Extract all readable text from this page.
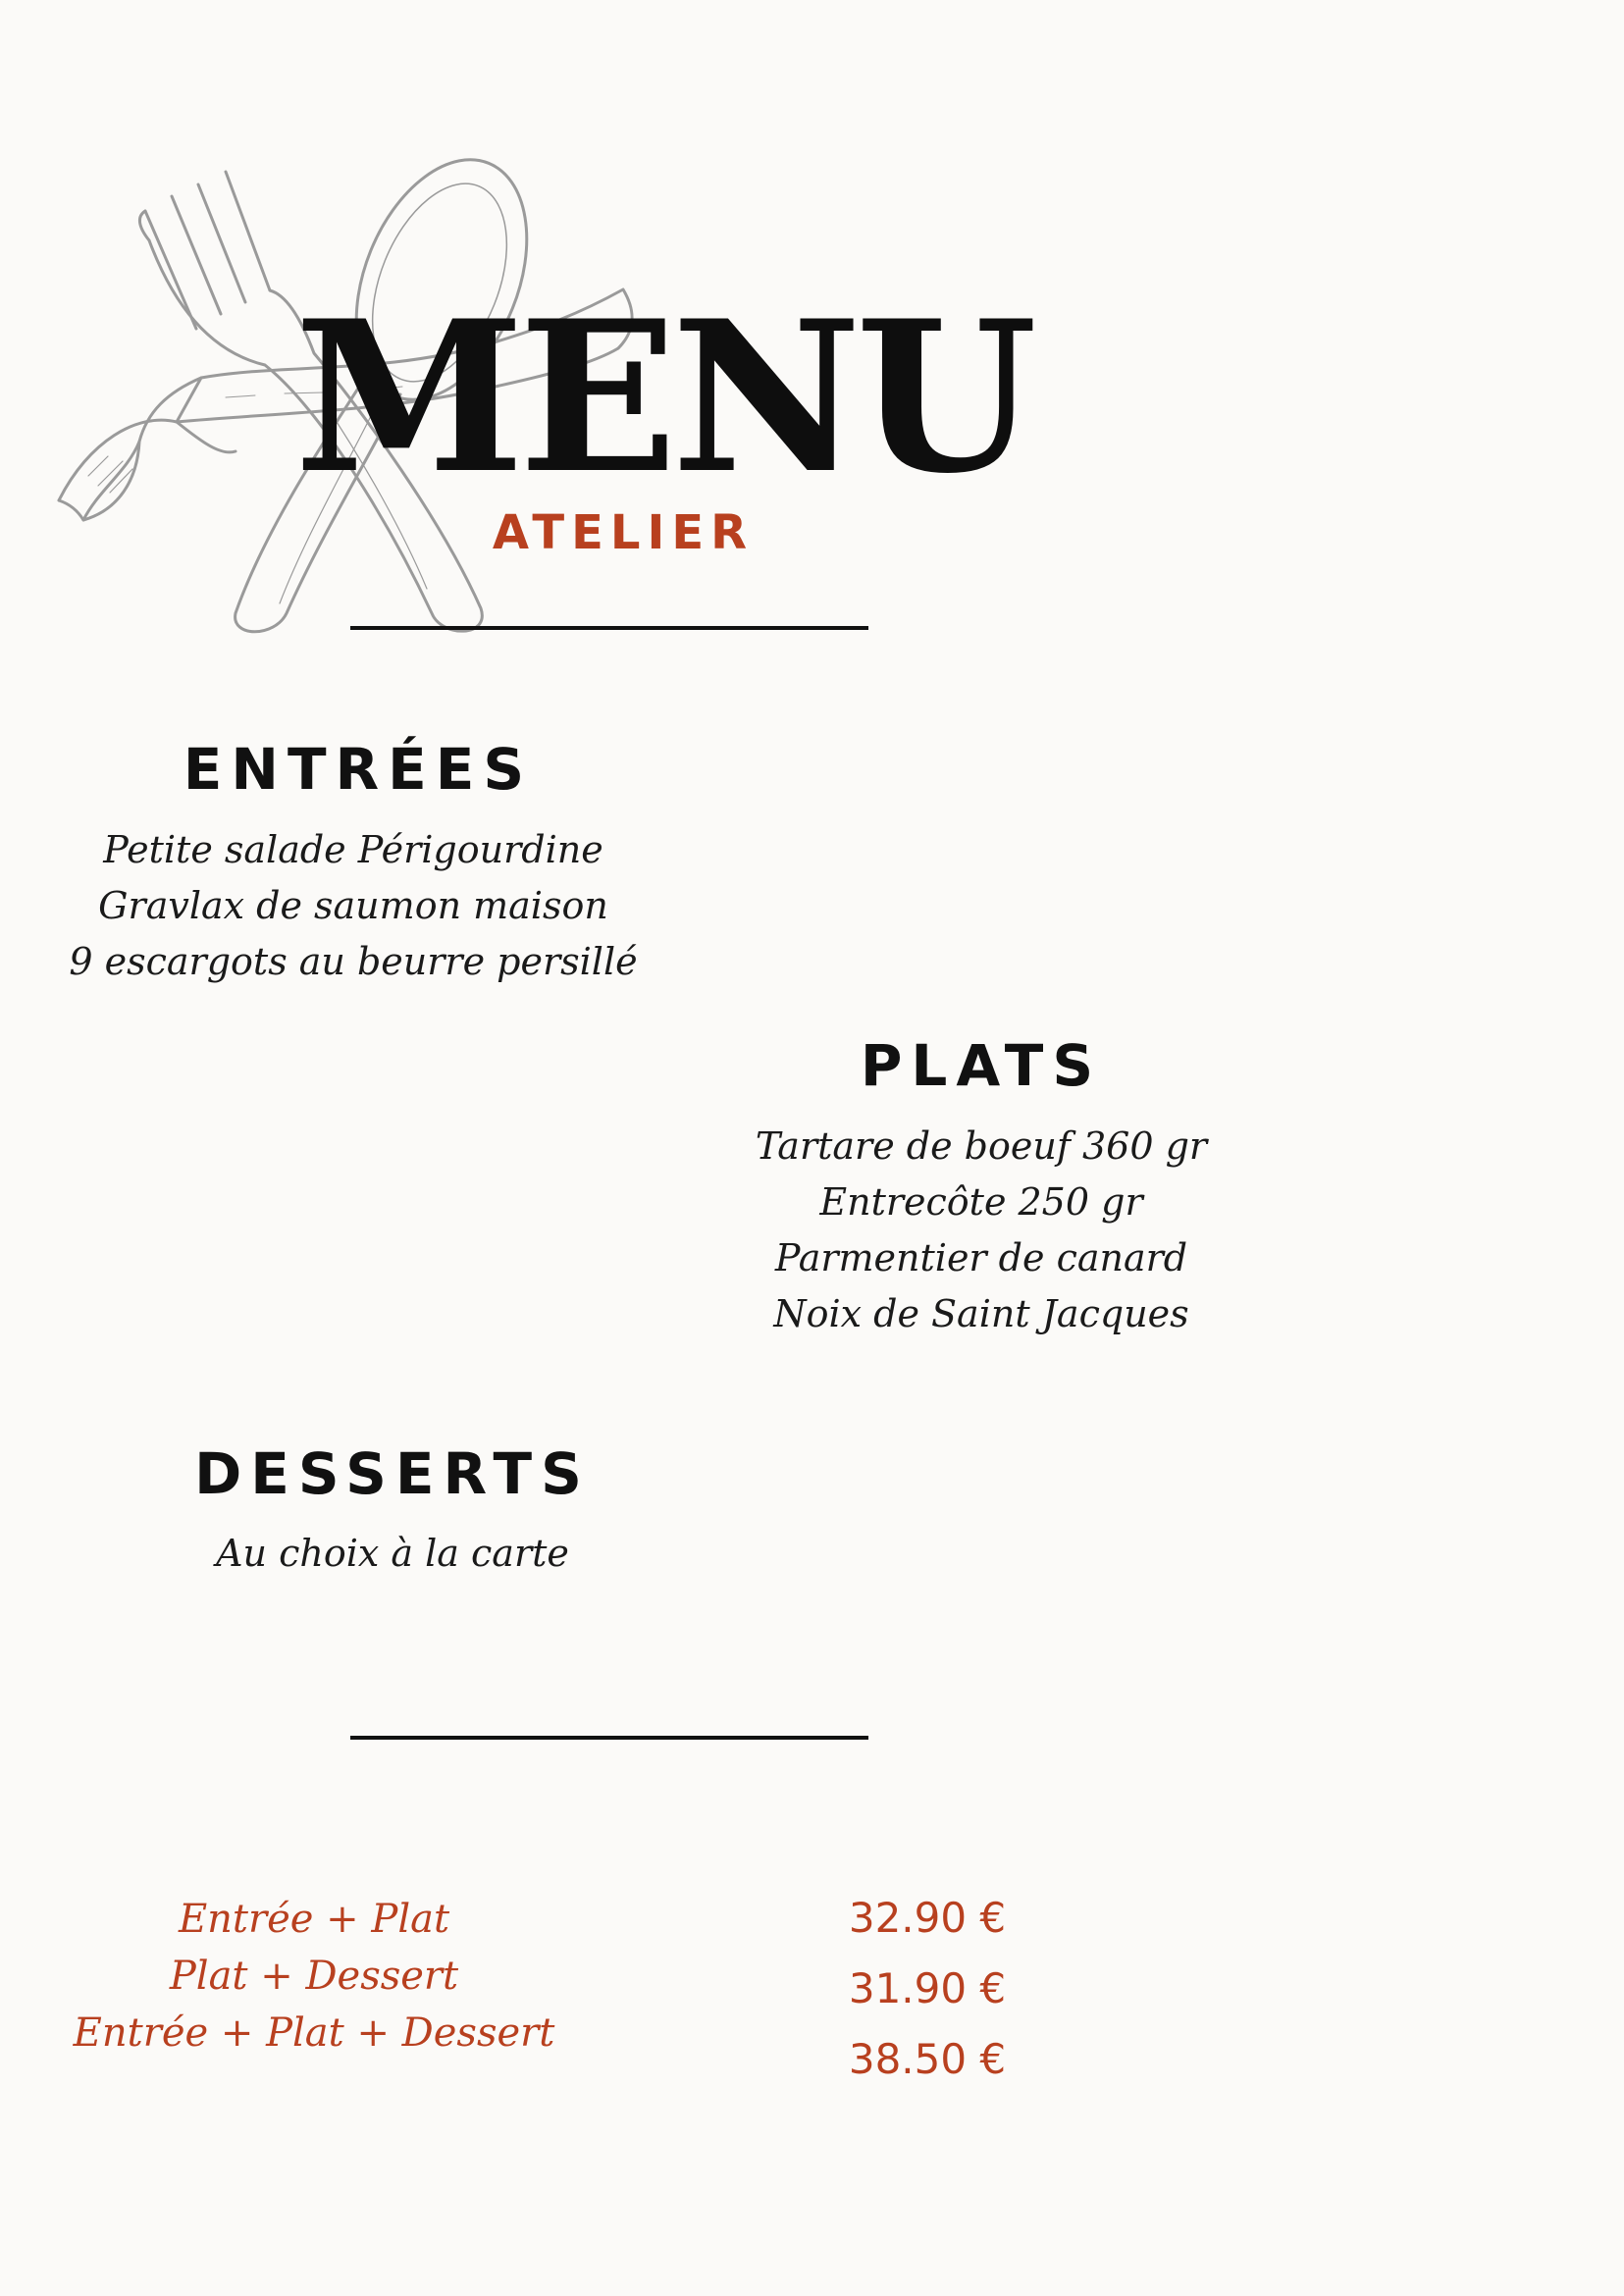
MENU
ATELIER
ENTRÉES
Petite salade Périgourdine
Gravlax de saumon maison
9 escargots au beurre persillé
PLATS
Tartare de boeuf 360 gr
Entrecôte 250 gr
Parmentier de canard
Noix de Saint Jacques
DESSERTS
Au choix à la carte
Entrée + Plat
Plat + Dessert
Entrée + Plat + Dessert
32.90 €
31.90 €
38.50 €
